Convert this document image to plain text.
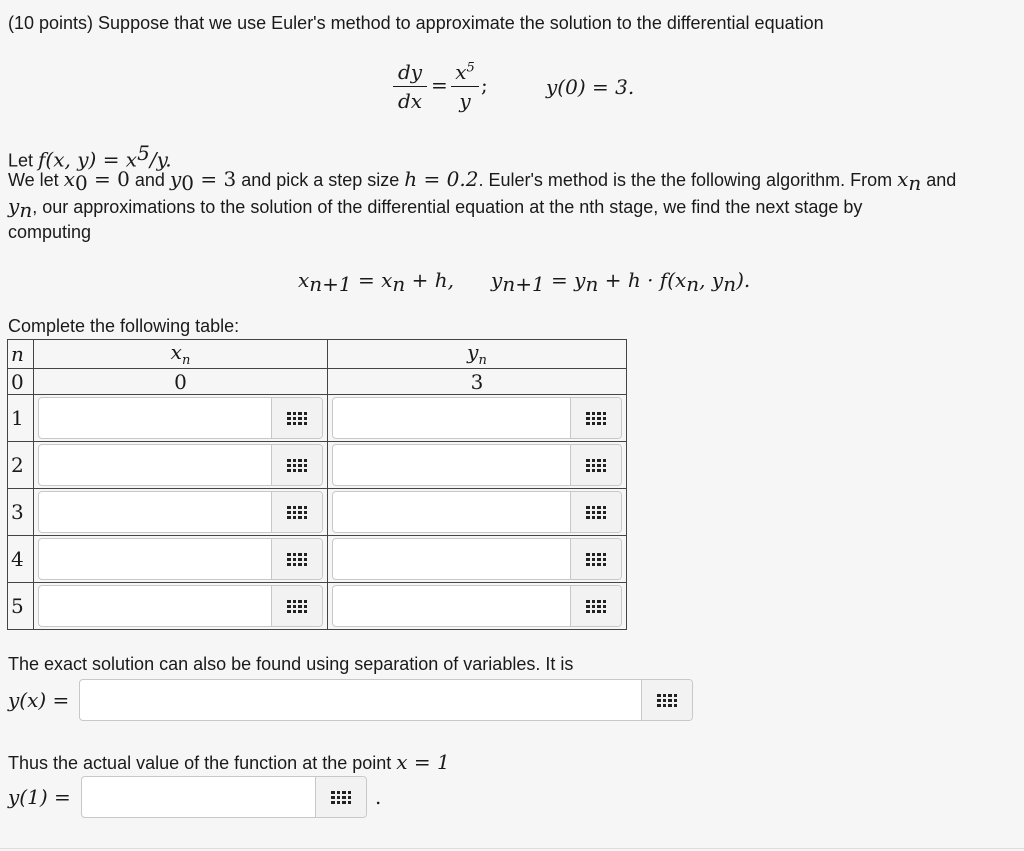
(10 points) Suppose that we use Euler's method to approximate the solution to the differential equation
dy
dx
=
$x^5$
y
;	y(0) = 3.
Let f(x, $y) = x^5/y$.
We let $x_0 = 0$ and $y_0 = 3$ and pick a step size h = 0.2. Euler's method is the the following algorithm. From $x_n$ and
$y_n$, our approximations to the solution of the differential equation at the nth stage, we find the next stage by
computing
$x_{n+1} = x_n + h$, $y_{n+1} = y_n + h \cdot f(x_n$, $y_n$).
Complete the following table:
n	$x_n$	$y_n$
0	0	3
1	

2	

3	

4	

5	

The exact solution can also be found using separation of variables. It is
y(x) =
Thus the actual value of the function at the point x = 1
y(1) =	.
